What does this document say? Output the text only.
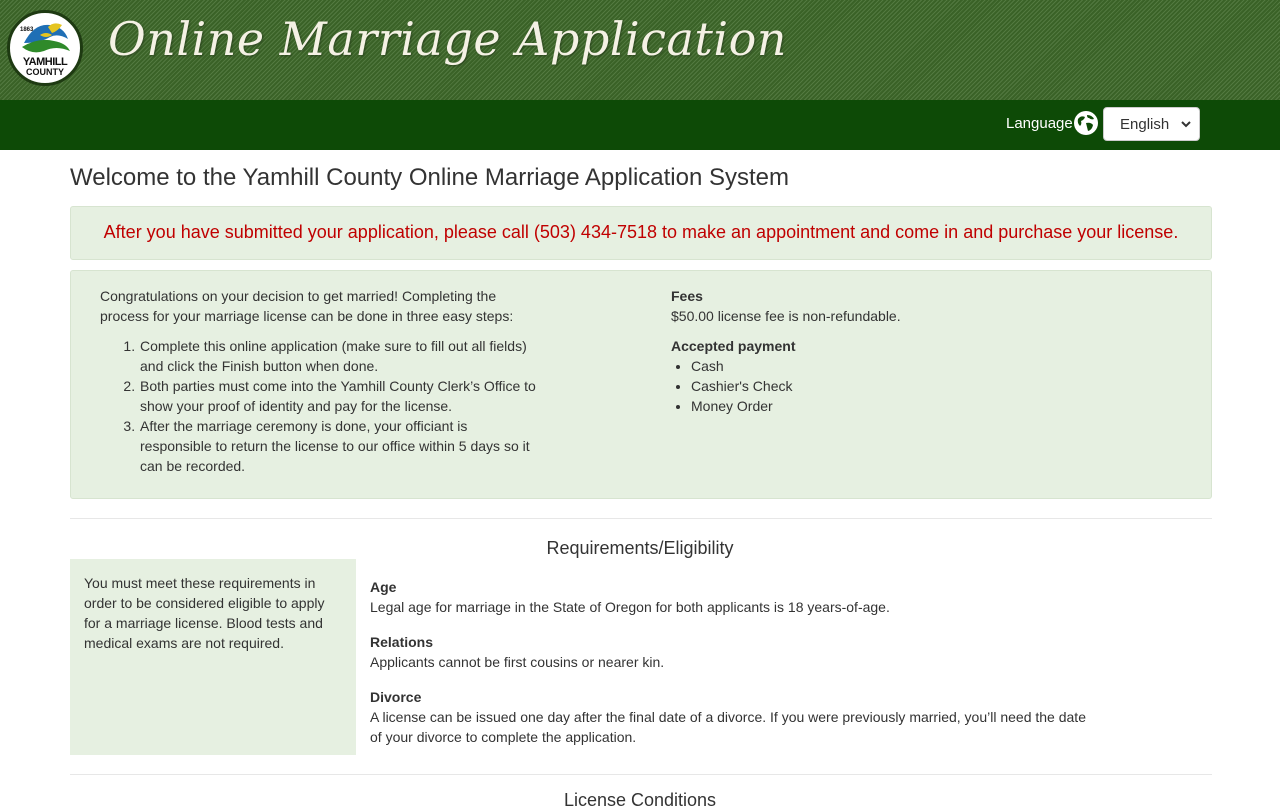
1863
YAMHILL
COUNTY
Online Marriage Application
Language	English
Welcome to the Yamhill County Online Marriage Application System
After you have submitted your application, please call (503) 434-7518 to make an appointment and come in and purchase your license.

Congratulations on your decision to get married! Completing the process for your marriage license can be done in three easy steps:

1. Complete this online application (make sure to fill out all fields) and click the Finish button when done.
2. Both parties must come into the Yamhill County Clerk’s Office to show your proof of identity and pay for the license.
3. After the marriage ceremony is done, your officiant is responsible to return the license to our office within 5 days so it can be recorded.
Fees
$50.00 license fee is non-refundable.
Accepted payment
• Cash
• Cashier's Check
• Money Order
Requirements/Eligibility
You must meet these requirements in order to be considered eligible to apply for a marriage license. Blood tests and medical exams are not required.
Age
Legal age for marriage in the State of Oregon for both applicants is 18 years-of-age.
Relations
Applicants cannot be first cousins or nearer kin.
Divorce
A license can be issued one day after the final date of a divorce. If you were previously married, you’ll need the date of your divorce to complete the application.
License Conditions
